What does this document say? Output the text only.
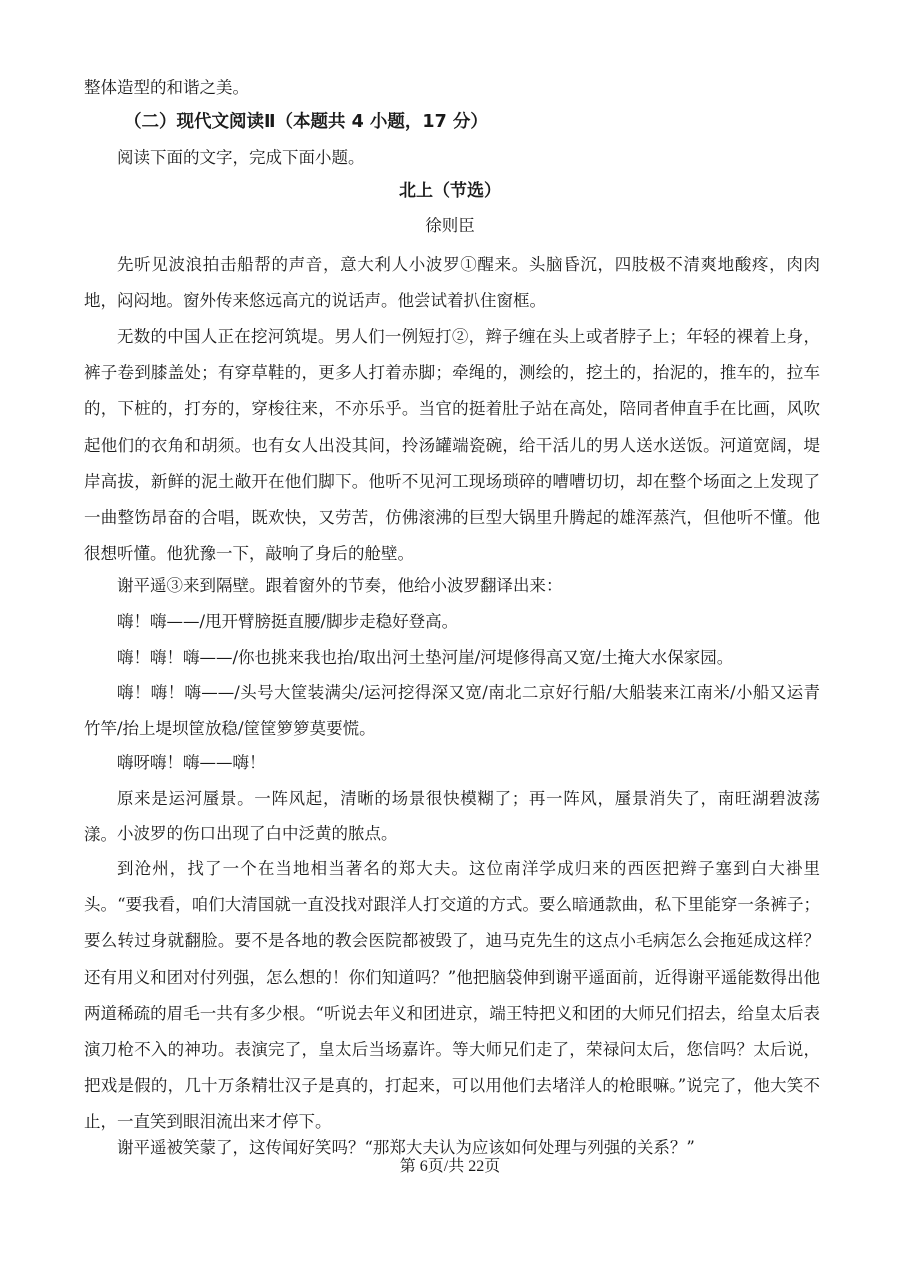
整体造型的和谐之美。

（二）现代文阅读Ⅱ（本题共 4 小题，17 分）

阅读下面的文字，完成下面小题。

北上（节选）
徐则臣

先听见波浪拍击船帮的声音，意大利人小波罗①醒来。头脑昏沉，四肢极不清爽地酸疼，肉肉地，闷闷地。窗外传来悠远高亢的说话声。他尝试着扒住窗框。

无数的中国人正在挖河筑堤。男人们一例短打②，辫子缠在头上或者脖子上；年轻的裸着上身，裤子卷到膝盖处；有穿草鞋的，更多人打着赤脚；牵绳的，测绘的，挖土的，抬泥的，推车的，拉车的，下桩的，打夯的，穿梭往来，不亦乐乎。当官的挺着肚子站在高处，陪同者伸直手在比画，风吹起他们的衣角和胡须。也有女人出没其间，拎汤罐端瓷碗，给干活儿的男人送水送饭。河道宽阔，堤岸高拔，新鲜的泥土敞开在他们脚下。他听不见河工现场琐碎的嘈嘈切切，却在整个场面之上发现了一曲整饬昂奋的合唱，既欢快，又劳苦，仿佛滚沸的巨型大锅里升腾起的雄浑蒸汽，但他听不懂。他很想听懂。他犹豫一下，敲响了身后的舱壁。

谢平遥③来到隔壁。跟着窗外的节奏，他给小波罗翻译出来：

嗨！嗨——/甩开臂膀挺直腰/脚步走稳好登高。

嗨！嗨！嗨——/你也挑来我也抬/取出河土垫河崖/河堤修得高又宽/土掩大水保家园。

嗨！嗨！嗨——/头号大筐装满尖/运河挖得深又宽/南北二京好行船/大船装来江南米/小船又运青竹竿/抬上堤坝筐放稳/筐筐箩箩莫要慌。

嗨呀嗨！嗨——嗨！

原来是运河蜃景。一阵风起，清晰的场景很快模糊了；再一阵风，蜃景消失了，南旺湖碧波荡漾。 小波罗的伤口出现了白中泛黄的脓点。

到沧州，找了一个在当地相当著名的郑大夫。这位南洋学成归来的西医把辫子塞到白大褂里头。“要我看，咱们大清国就一直没找对跟洋人打交道的方式。要么暗通款曲，私下里能穿一条裤子；要么转过身就翻脸。要不是各地的教会医院都被毁了，迪马克先生的这点小毛病怎么会拖延成这样？还有用义和团对付列强，怎么想的！你们知道吗？”他把脑袋伸到谢平遥面前，近得谢平遥能数得出他两道稀疏的眉毛一共有多少根。“听说去年义和团进京，端王特把义和团的大师兄们招去，给皇太后表演刀枪不入的神功。表演完了，皇太后当场嘉许。等大师兄们走了，荣禄问太后，您信吗？太后说，把戏是假的，几十万条精壮汉子是真的，打起来，可以用他们去堵洋人的枪眼嘛。”说完了，他大笑不止，一直笑到眼泪流出来才停下。

谢平遥被笑蒙了，这传闻好笑吗？“那郑大夫认为应该如何处理与列强的关系？”

第 6页/共 22页
